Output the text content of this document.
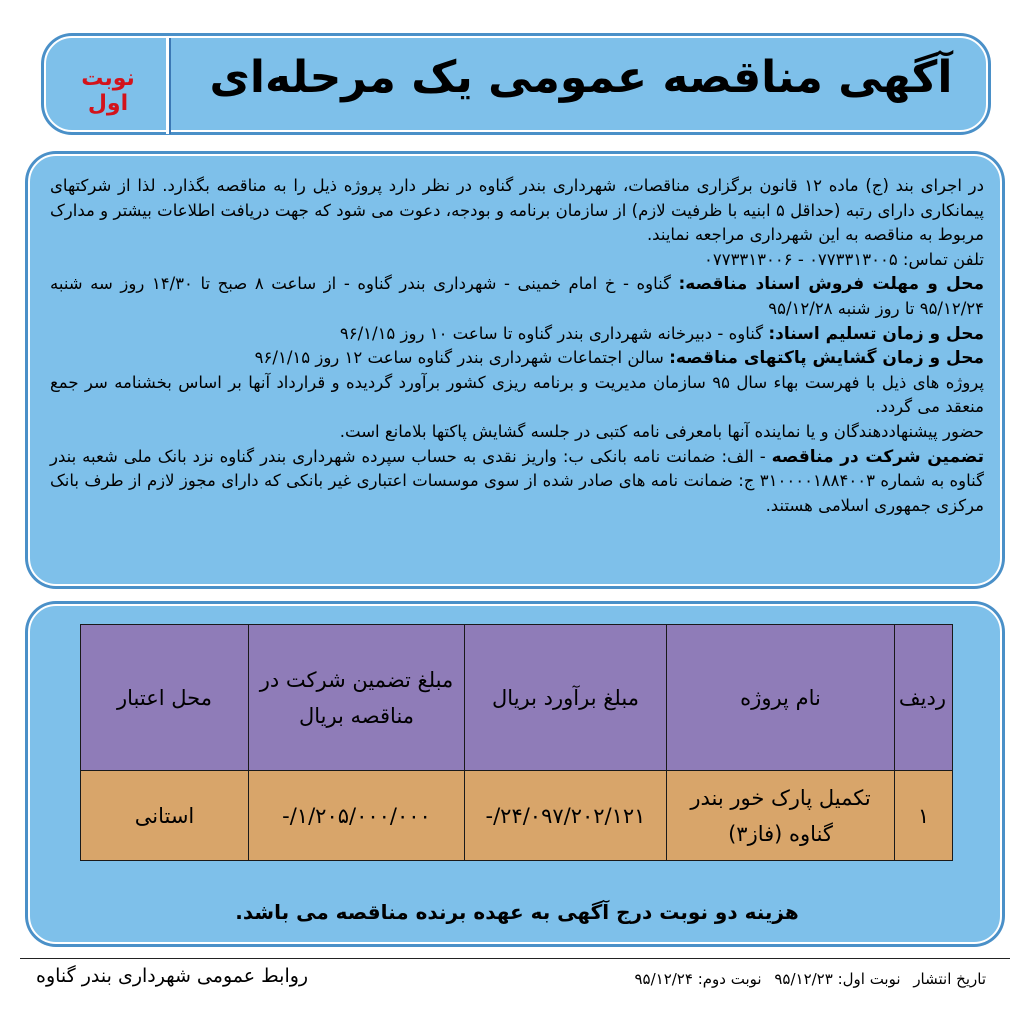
نوبت اول
آگهی مناقصه عمومی یک مرحله‌ای

در اجرای بند (ج) ماده ۱۲ قانون برگزاری مناقصات، شهرداری بندر گناوه در نظر دارد پروژه ذیل را به مناقصه بگذارد. لذا از شرکتهای پیمانکاری دارای رتبه (حداقل ۵ ابنیه با ظرفیت لازم) از سازمان برنامه و بودجه، دعوت می شود که جهت دریافت اطلاعات بیشتر و مدارک مربوط به مناقصه به این شهرداری مراجعه نمایند.

تلفن تماس: ۰۷۷۳۳۱۳۰۰۵ - ۰۷۷۳۳۱۳۰۰۶

محل و مهلت فروش اسناد مناقصه: گناوه - خ امام خمینی - شهرداری بندر گناوه - از ساعت ۸ صبح تا ۱۴/۳۰ روز سه شنبه ۹۵/۱۲/۲۴ تا روز شنبه ۹۵/۱۲/۲۸

محل و زمان تسلیم اسناد: گناوه - دبیرخانه شهرداری بندر گناوه تا ساعت ۱۰ روز ۹۶/۱/۱۵

محل و زمان گشایش پاکتهای مناقصه: سالن اجتماعات شهرداری بندر گناوه ساعت ۱۲ روز ۹۶/۱/۱۵

پروژه های ذیل با فهرست بهاء سال ۹۵ سازمان مدیریت و برنامه ریزی کشور برآورد گردیده و قرارداد آنها بر اساس بخشنامه سر جمع منعقد می گردد.

حضور پیشنهاددهندگان و یا نماینده آنها بامعرفی نامه کتبی در جلسه گشایش پاکتها بلامانع است.

تضمین شرکت در مناقصه - الف: ضمانت نامه بانکی ب: واریز نقدی به حساب سپرده شهرداری بندر گناوه نزد بانک ملی شعبه بندر گناوه به شماره ۳۱۰۰۰۰۱۸۸۴۰۰۳ ج: ضمانت نامه های صادر شده از سوی موسسات اعتباری غیر بانکی که دارای مجوز لازم از طرف بانک مرکزی جمهوری اسلامی هستند.

ردیف	نام پروژه	مبلغ برآورد بریال	مبلغ تضمین شرکت در مناقصه بریال	محل اعتبار
۱	تکمیل پارک خور بندر گناوه (فاز۳)	-/۲۴/۰۹۷/۲۰۲/۱۲۱	-/۱/۲۰۵/۰۰۰/۰۰۰	استانی
هزینه دو نوبت درج آگهی به عهده برنده مناقصه می باشد.
روابط عمومی شهرداری بندر گناوه	تاریخ انتشار نوبت اول: ۹۵/۱۲/۲۳ نوبت دوم: ۹۵/۱۲/۲۴
